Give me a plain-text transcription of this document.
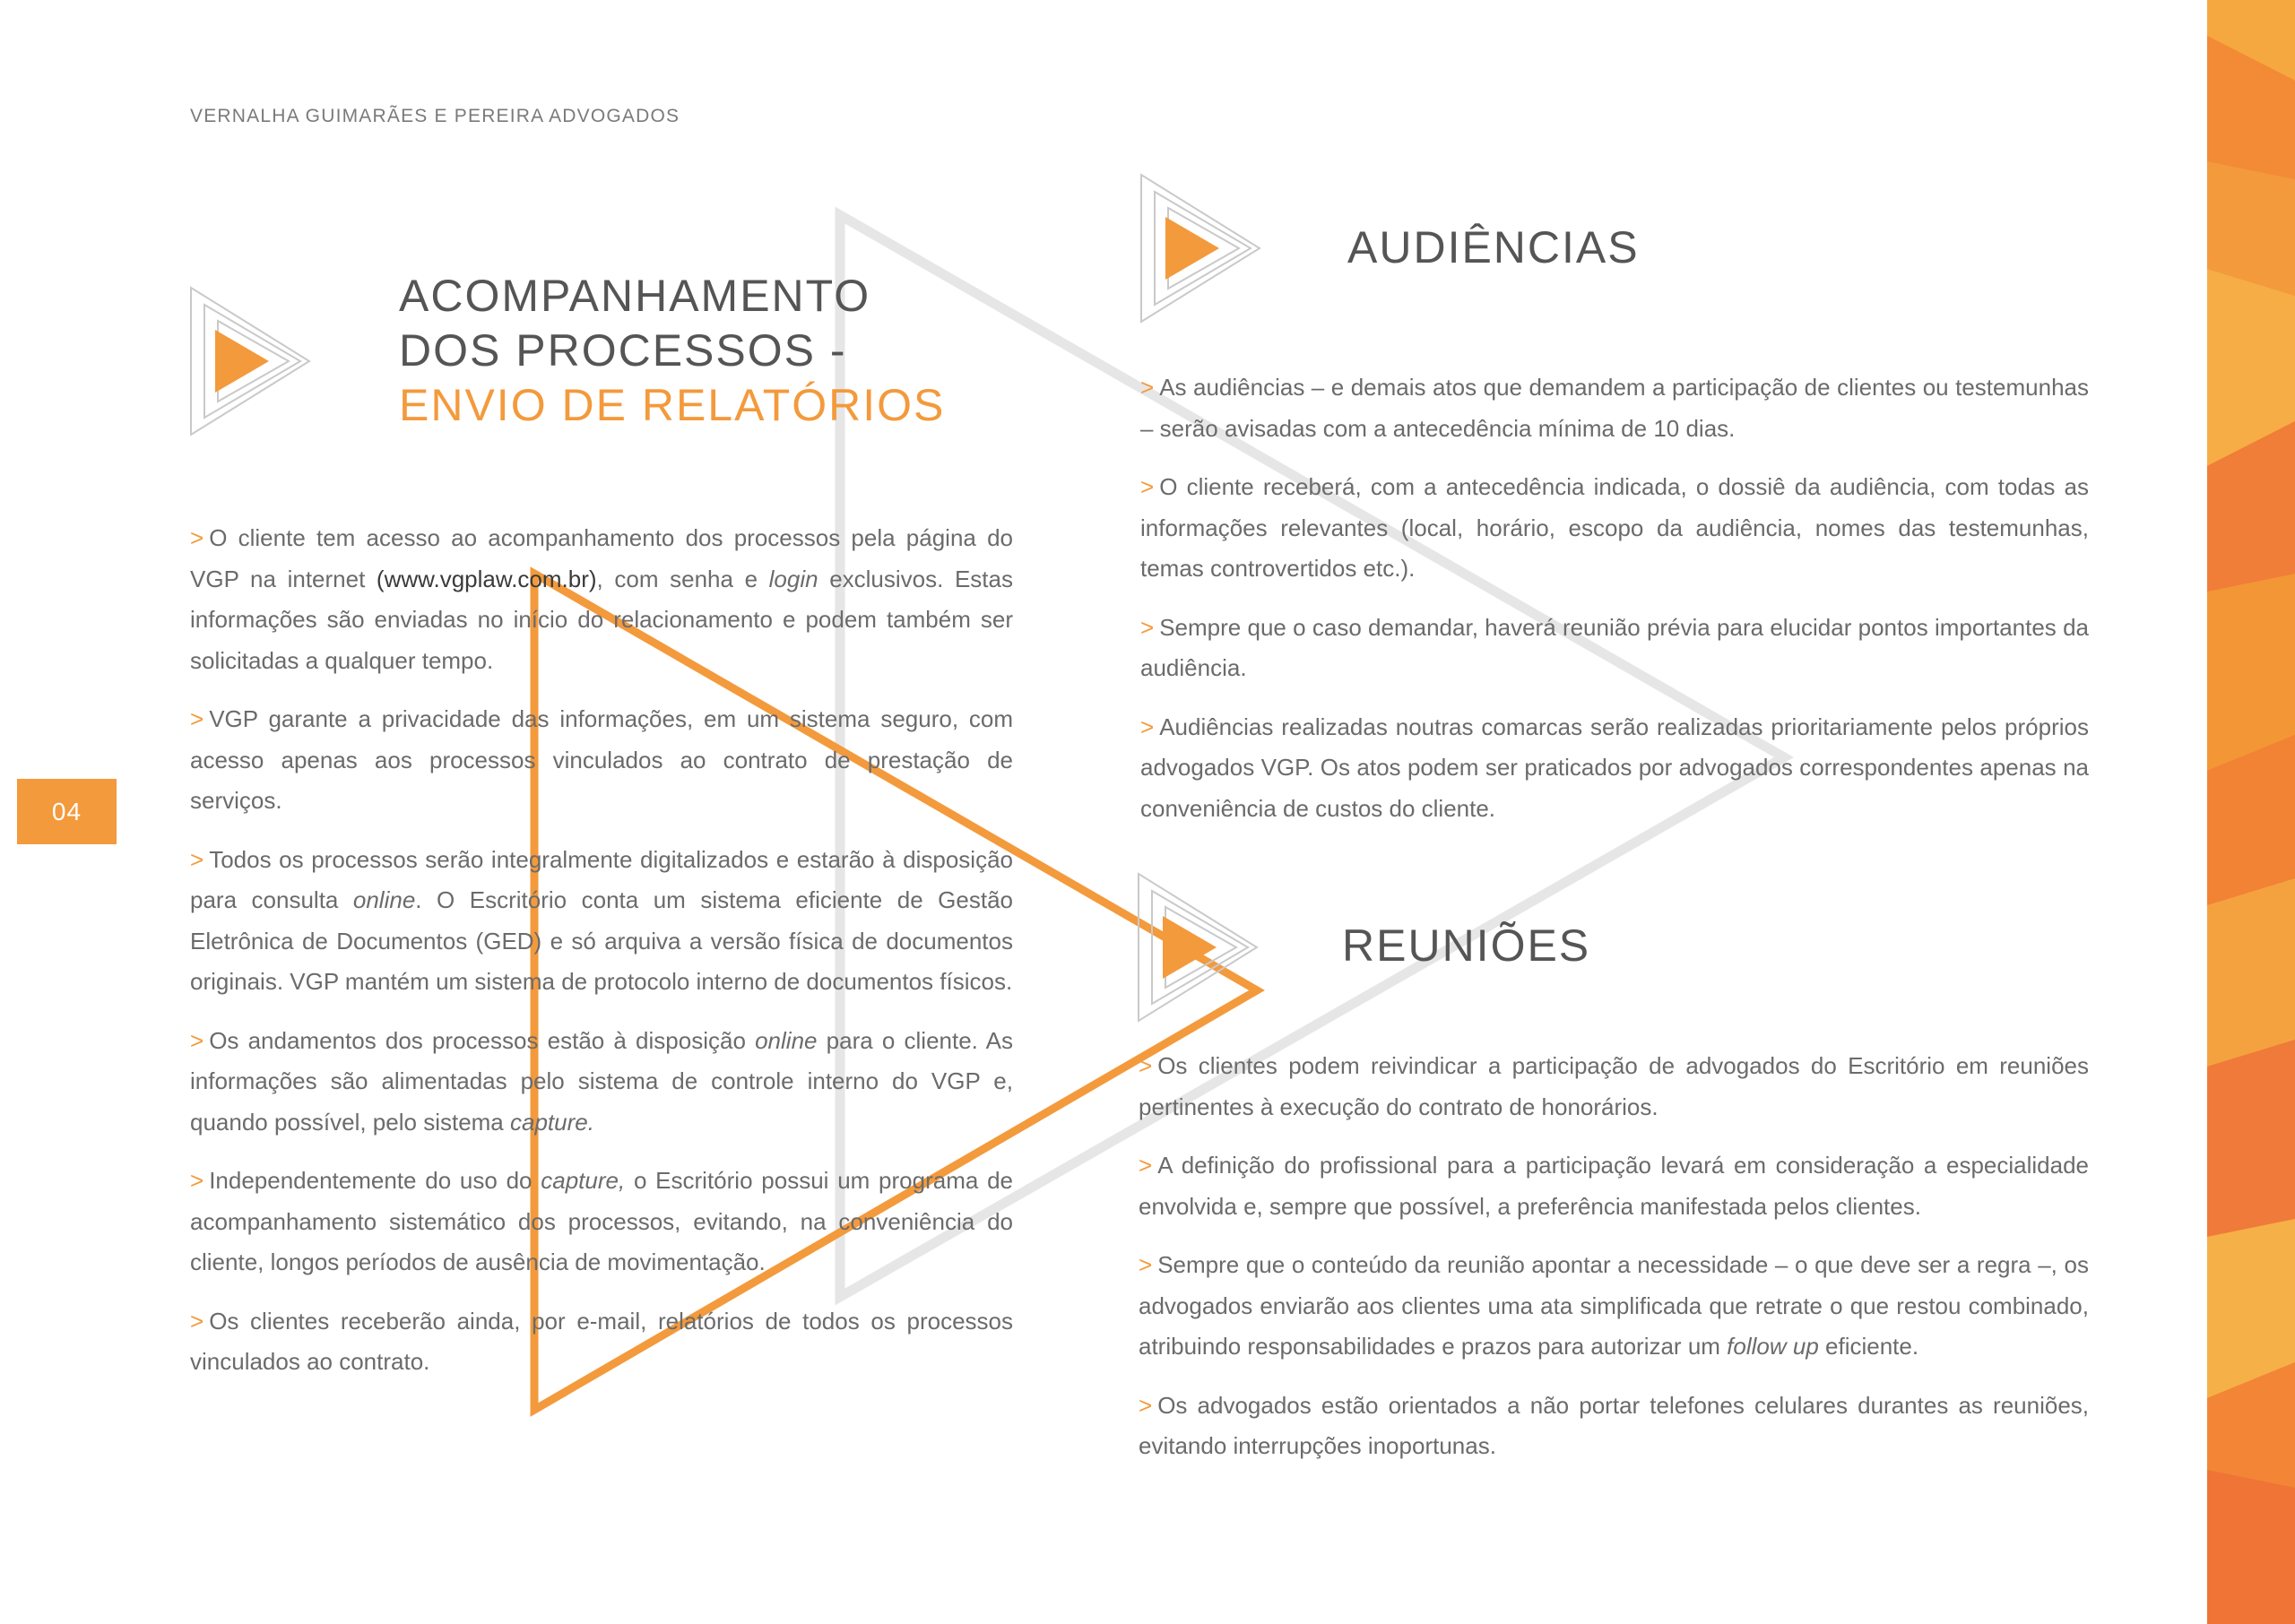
VERNALHA GUIMARÃES E PEREIRA ADVOGADOS
ACOMPANHAMENTO
DOS PROCESSOS -
ENVIO DE RELATÓRIOS

> O cliente tem acesso ao acompanhamento dos processos pela página do VGP na internet (www.vgplaw.com.br), com senha e login exclusivos. Estas informações são enviadas no início do relacionamento e podem também ser solicitadas a qualquer tempo.

> VGP garante a privacidade das informações, em um sistema seguro, com acesso apenas aos processos vinculados ao contrato de prestação de serviços.

> Todos os processos serão integralmente digitalizados e estarão à disposição para consulta online. O Escritório conta um sistema eficiente de Gestão Eletrônica de Documentos (GED) e só arquiva a versão física de documentos originais. VGP mantém um sistema de protocolo interno de documentos físicos.

> Os andamentos dos processos estão à disposição online para o cliente. As informações são alimentadas pelo sistema de controle interno do VGP e, quando possível, pelo sistema capture.

> Independentemente do uso do capture, o Escritório possui um programa de acompanhamento sistemático dos processos, evitando, na conveniência do cliente, longos períodos de ausência de movimentação.

> Os clientes receberão ainda, por e-mail, relatórios de todos os processos vinculados ao contrato.

AUDIÊNCIAS

> As audiências – e demais atos que demandem a participação de clientes ou testemunhas – serão avisadas com a antecedência mínima de 10 dias.

> O cliente receberá, com a antecedência indicada, o dossiê da audiência, com todas as informações relevantes (local, horário, escopo da audiência, nomes das testemunhas, temas controvertidos etc.).

> Sempre que o caso demandar, haverá reunião prévia para elucidar pontos importantes da audiência.

> Audiências realizadas noutras comarcas serão realizadas prioritariamente pelos próprios advogados VGP. Os atos podem ser praticados por advogados correspondentes apenas na conveniência de custos do cliente.

REUNIÕES

> Os clientes podem reivindicar a participação de advogados do Escritório em reuniões pertinentes à execução do contrato de honorários.

> A definição do profissional para a participação levará em consideração a especialidade envolvida e, sempre que possível, a preferência manifestada pelos clientes.

> Sempre que o conteúdo da reunião apontar a necessidade – o que deve ser a regra –, os advogados enviarão aos clientes uma ata simplificada que retrate o que restou combinado, atribuindo responsabilidades e prazos para autorizar um follow up eficiente.

> Os advogados estão orientados a não portar telefones celulares durantes as reuniões, evitando interrupções inoportunas.

04
